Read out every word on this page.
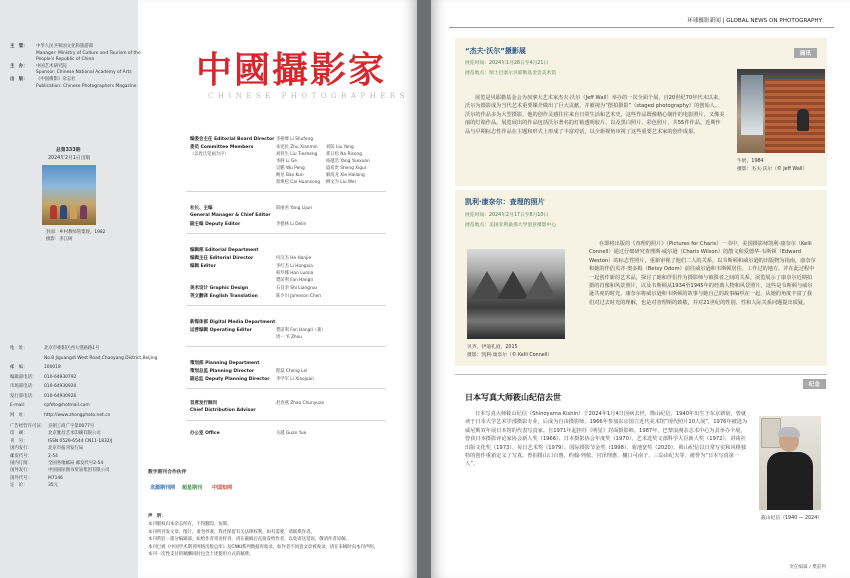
主　管： 中华人民共和国文化和旅游部
Manager: Ministry of Culture and Tourism of the
People’s Republic of China
主　办： 中国艺术研究院
Sponsor: Chinese National Academy of Arts
出　版： 《中国摄影》杂志社
Publication: Chinese Photographers Magazine
总第333期
2024年2月1日出版
封面：乡村教师管粟现，1982
摄影：李江树
地　址：	北京市朝阳区西大望路路1号
No.8 Jiguangdi West Road,Chaoyang District,Beijing
邮　编：	100018
编辑部电话： 010-64930792
市场部电话： 010-64930920
发行部电话： 010-64930926
E-mail：	cpfoto@hotmail.com
网　址：	http://www.zhongphoto.net.cn
广告经营许可证： 京朝工商广字第0077号
印　刷：	北京雅昌艺术印刷有限公司
刊　号：	ISSN 0529-6544 CN11-1832/J
国内发行：	北京市报刊发行局
邮发代号：	2-54
国内订阅：	全国各地邮局 邮发代号2-54
国外发行：	中国国际图书贸易集团有限公司
国外代号：	M7146
定　价：	35元
中國攝影家
CHINESE PHOTOGRAPHERS
编委会主任 Editorial Board Director 李树峰 Li Shufeng
委员 Committee Members
（以姓氏笔画为序）
朱宪民 Zhu Xianmin 刘阳 Liu Yang
刘铁生 Liu Tiesheng 那日松 Na Risong
李舸 Li Ge	杨越峦 Yang Yuexuan
吴鹏 Wu Peng	盛希贵 Sheng Xigui
鲍昆 Bao Kun	解海龙 Xie Hailong
蔡焕松 Cai Huansong 柳文为 Liu Wei
社长、主编	阳丽君 Yang Lijun
General Manager & Chief Editor
副主编 Deputy Editor	李德林 Li Delin
编辑部 Editorial Department
编辑主任 Editorial Director	何汉杰 He Hanjie
编辑 Editor	李红杰 Li Hongxia
韩罗娜 Han Luona
樊前利 Fan Hangli
美术设计 Graphic Design	石良荣 Shi Liangruo
英文翻译 English Translation	陈少川 Jameson Chen
新媒体部 Digital Media Department
运营编辑 Operating Editor	樊前利 Fan Hangli（兼）
周一 Yi Zhou
策划部 Planning Department
策划总监 Planning Director	程磊 Cheng Lei
副总监 Deputy Planning Director 李学军 Li Xiaojuan
首席发行顾问	赵春燕 Zhao Chunyuan
Chief Distribution Advisor
办公室 Office	关越 Guan Yue
数字期刊合作伙伴
龙源期刊网 超星期刊 中国知网
声　明：
本刊版权归本杂志所有，不得翻印、仿制。
本刊所刊发文章、图片，请勿抄袭，我社保留有关法律权利，如有需要，请联系作者。
本刊常驻一部分编辑部，如给作者寄送样刊，请在截稿后直接发给作者，以免寄送延误，敬请作者谅解。
本刊已被《中国学术期刊网络出版总库》及CNKI系列数据库收录，如作者不同意文章被收录，请在来稿时向本刊声明。
本刊一次性支付的稿酬同时包含上述使用方式的稿费。
环球摄影新闻 | GLOBAL NEWS ON PHOTOGRAPHY
展讯
“杰夫·沃尔”摄影展
展览时间：2024年1月28日至4月21日
展览地点：瑞士巴塞尔贝耶勒基金会美术馆
展览是贝耶勒基金会为加拿大艺术家杰夫·沃尔（Jeff Wall）举办的一次全面个展，自20世纪70年代末以来，沃尔为摄影成为当代艺术重要媒介做出了巨大贡献，并被视为“摆拍摄影”（staged photography）的创始人。沃尔的作品多为大型摄影，他的创作灵感往往来自日常生活和艺术史，这些作品既像精心制作的电影照片，又像美丽的灯箱作品。展览展出的作品包括沃尔著名的灯箱透明胶片、以及黑白照片、彩色照片，共55件作品。近期作品与早期标志性作品在主题和形式上形成了丰富对话，以全新视角审视了这些重要艺术家的创作成果。
牛奶，1984
摄影：杰夫·沃尔（© Jeff Wall）
凯利·康奈尔：查理的照片
展览时间：2024年2月17日至8月10日
展览地点：美国亚利桑那大学创意摄影中心
在即将出版的《查理的照片》（Pictures for Charis）一书中，美国摄影师凯利·康奈尔（Kelli Connell）通过仔细研究查理斯·威尔逊（Charis Wilson）的散文和爱德华·韦斯顿（Edward Weston）的标志性照片，重新审视了他们二人的关系，以韦斯顿和威尔逊的出版物为指南，康奈尔和她的伴侣贝齐·奥多姆（Betsy Odom）前往威尔逊和韦斯顿居住、工作过的地方，并在此过程中一起创作新的艺术品，探讨了她和伴侣作为摄影师与被摄者之间的关系。展览展示了康奈尔近期拍摄的肖像和风景照片，以及韦斯顿从1934至1945年的经典人物和风景照片，这些是韦斯顿与威尔逊共度的时光。康奈尔将威尔逊和韦斯顿的故事与她自己的故事编织在一起，从她的角度丰富了我们对过去时光的理解，也是对查理斯的致敬，并对21世纪的性别、性和人际关系问题提出质疑。
贝齐，伊迪孔庭，2015
摄影：凯利·康奈尔（© Kelli Connell）
纪念
日本写真大师筱山纪信去世
日本写真大师筱山纪信（Shinoyama Kishin）于2024年1月4日因病去世，篠山纪信，1940年出生于东京新宿，曾就读于日本大学艺术学部摄影专业，后成为自由摄影师。1966年参加东京国立近代美术馆“现代照片10人展”，1976年被选为威尼斯双年展日本馆的代表写真家。自1971年起担任《明星》封面摄影师。1987年，巴黎浪漫杂志术中心为其举办个展，曾获日本摄影评论家协会新人奖（1966）、日本摄影协会年度奖（1970）、艺术选奖文部科学大臣新人奖（1972）、讲谈社出版文化奖（1973）、每日艺术奖（1979）、国际摄影节金奖（1998）、菊池宽奖（2020）。筱山纪信以日常写实和风格独特的创作重新定义了写真。曾拍摄山口百惠、约翰·列侬、宫泽理惠、樋口可南子、三岛由纪夫等，被誉为“日本写真第一人”。
筱山纪信（1940 — 2024）
责任编辑 / 樊前利
